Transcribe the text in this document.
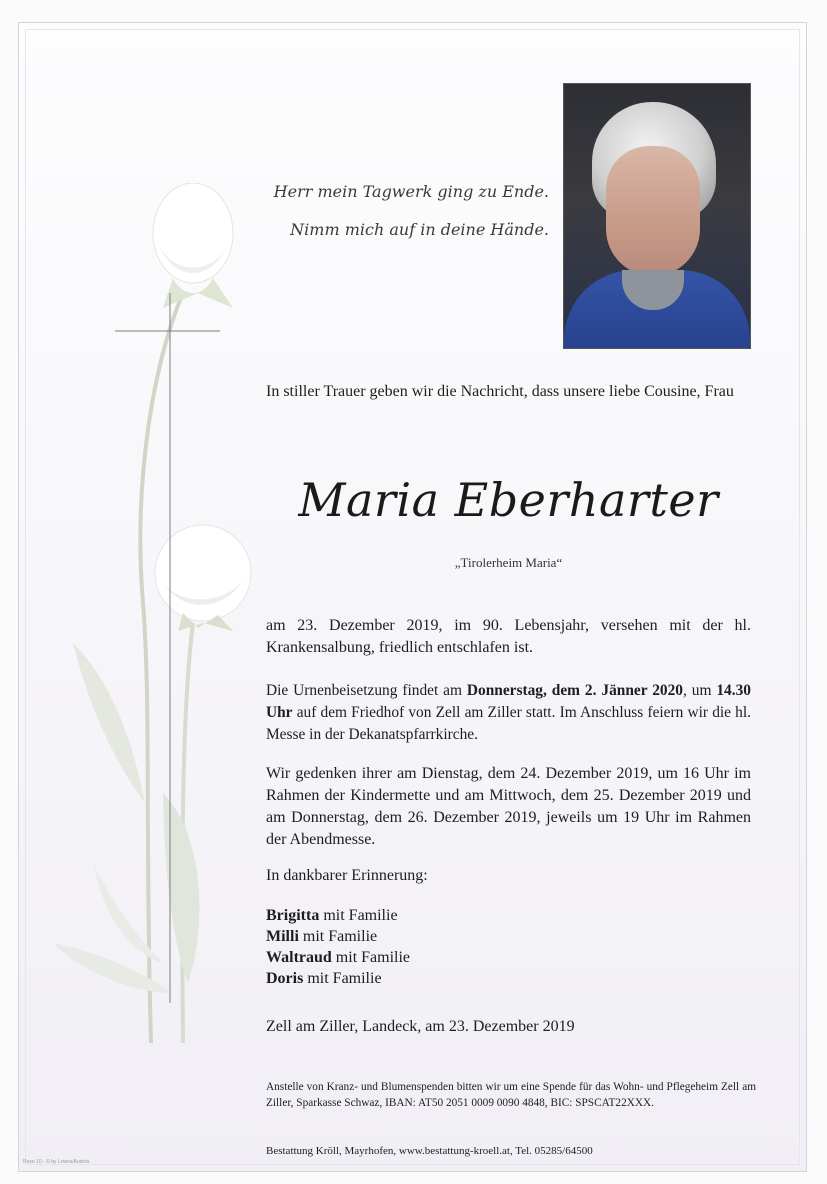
Herr mein Tagwerk ging zu Ende.
Nimm mich auf in deine Hände.
In stiller Trauer geben wir die Nachricht, dass unsere liebe Cousine, Frau
Maria Eberharter
„Tirolerheim Maria“
am 23. Dezember 2019, im 90. Lebensjahr, versehen mit der hl. Krankensalbung, friedlich entschlafen ist.
Die Urnenbeisetzung findet am Donnerstag, dem 2. Jänner 2020, um 14.30 Uhr auf dem Friedhof von Zell am Ziller statt. Im Anschluss feiern wir die hl. Messe in der Dekanatspfarrkirche.
Wir gedenken ihrer am Dienstag, dem 24. Dezember 2019, um 16 Uhr im Rahmen der Kindermette und am Mittwoch, dem 25. Dezember 2019 und am Donnerstag, dem 26. Dezember 2019, jeweils um 19 Uhr im Rahmen der Abendmesse.
In dankbarer Erinnerung:
Brigitta mit Familie
Milli mit Familie
Waltraud mit Familie
Doris mit Familie
Zell am Ziller, Landeck, am 23. Dezember 2019
Anstelle von Kranz- und Blumenspenden bitten wir um eine Spende für das Wohn- und Pflegeheim Zell am Ziller, Sparkasse Schwaz, IBAN: AT50 2051 0009 0090 4848, BIC: SPSCAT22XXX.
Bestattung Kröll, Mayrhofen, www.bestattung-kroell.at, Tel. 05285/64500
Rose 10 - © by Lowes/Austria
